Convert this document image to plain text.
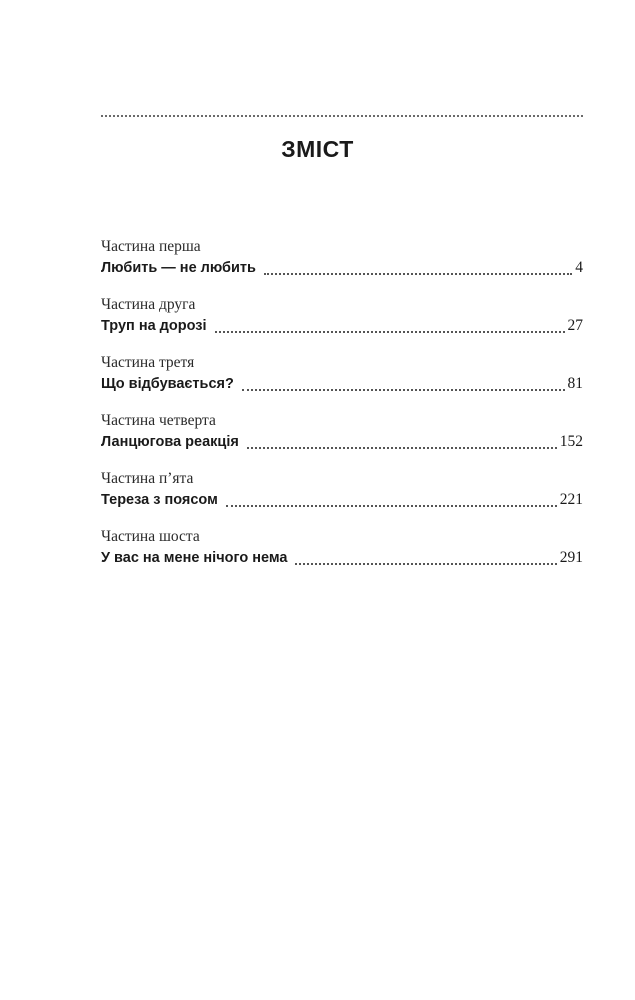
ЗМІСТ
Частина перша
Любить — не любить	4
Частина друга
Труп на дорозі	27
Частина третя
Що відбувається?	81
Частина четверта
Ланцюгова реакція	152
Частина п’ята
Тереза з поясом	221
Частина шоста
У вас на мене нічого нема	291
